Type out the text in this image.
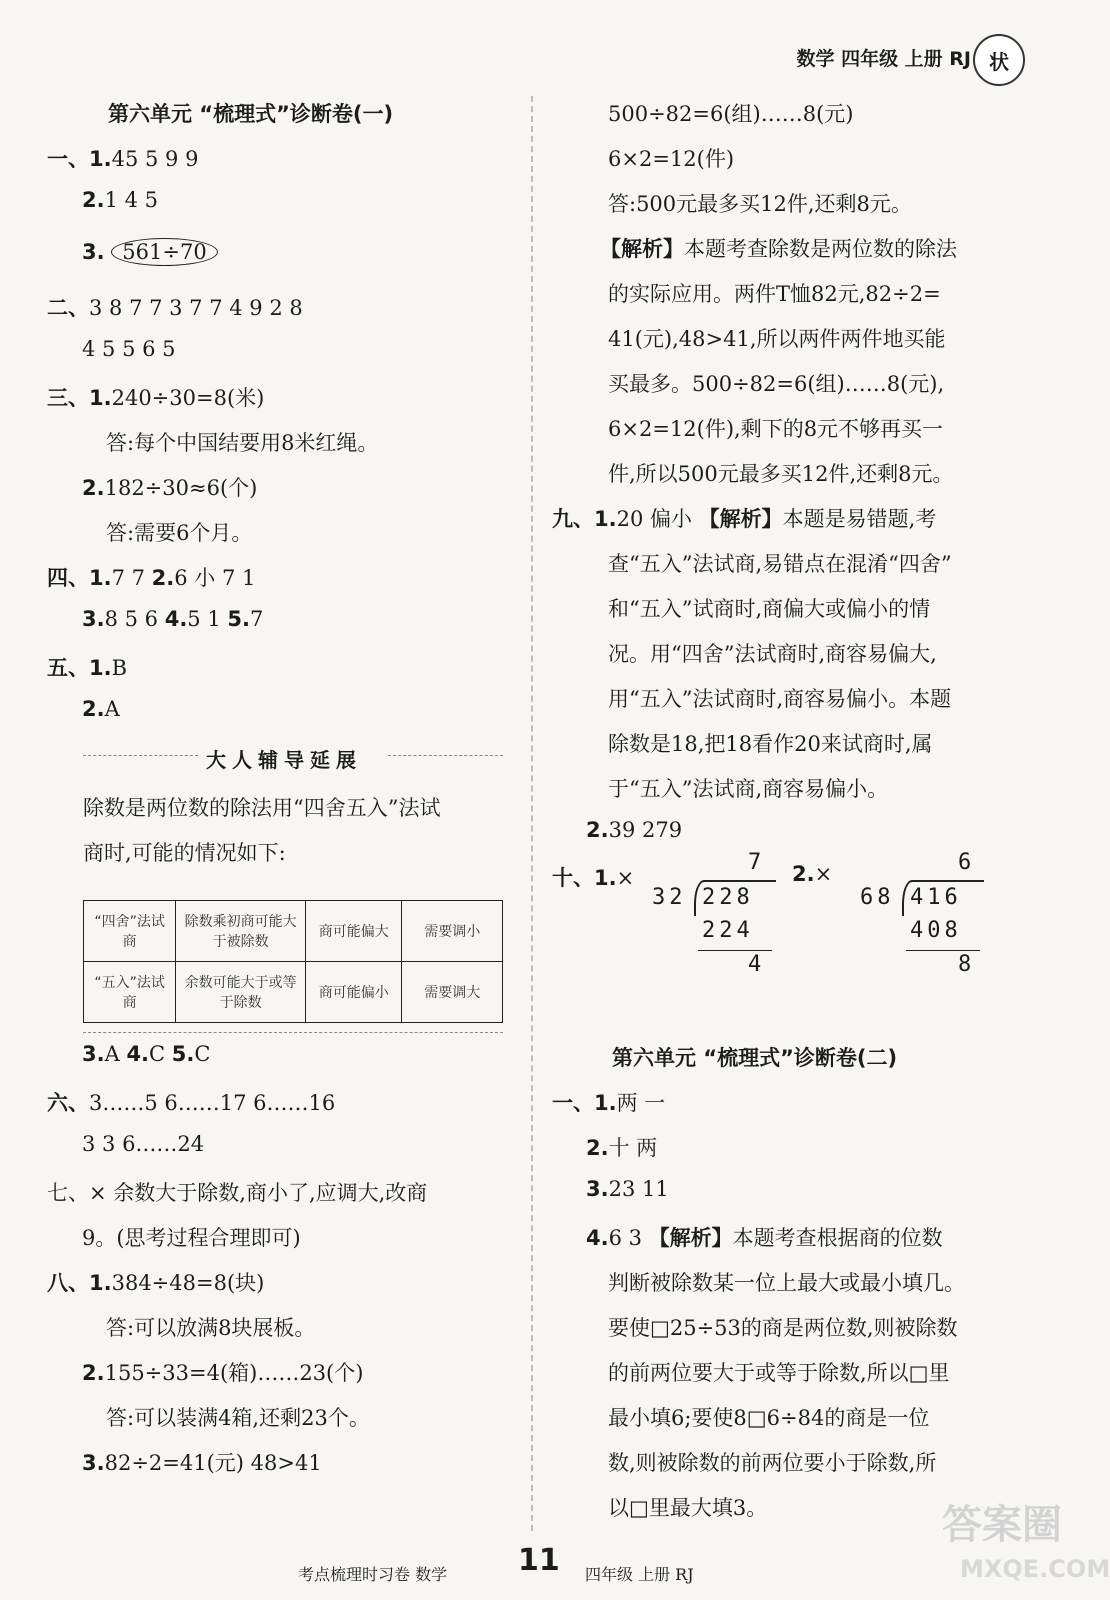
数学 四年级 上册 RJ 状
第六单元 “梳理式”诊断卷(一)
一、1.45 5 9 9
2.1 4 5
3. 561÷70
二、3 8 7 7 3 7 7 4 9 2 8
4 5 5 6 5
三、1.240÷30=8(米)
答:每个中国结要用8米红绳。
2.182÷30≈6(个)
答:需要6个月。
四、1.7 7 2.6 小 7 1
3.8 5 6 4.5 1 5.7
五、1.B
2.A
大人辅导延展
除数是两位数的除法用“四舍五入”法试
商时,可能的情况如下:
“四舍”法试商	除数乘初商可能大于被除数	商可能偏大	需要调小
“五入”法试商	余数可能大于或等于除数	商可能偏小	需要调大
3.A 4.C 5.C
六、3……5 6……17 6……16
3 3 6……24
七、× 余数大于除数,商小了,应调大,改商
9。(思考过程合理即可)
八、1.384÷48=8(块)
答:可以放满8块展板。
2.155÷33=4(箱)……23(个)
答:可以装满4箱,还剩23个。
3.82÷2=41(元) 48>41
500÷82=6(组)……8(元)
6×2=12(件)
答:500元最多买12件,还剩8元。
【解析】本题考查除数是两位数的除法
的实际应用。两件T恤82元,82÷2=
41(元),48>41,所以两件两件地买能
买最多。500÷82=6(组)……8(元),
6×2=12(件),剩下的8元不够再买一
件,所以500元最多买12件,还剩8元。
九、1.20 偏小 【解析】本题是易错题,考
查“五入”法试商,易错点在混淆“四舍”
和“五入”试商时,商偏大或偏小的情
况。用“四舍”法试商时,商容易偏大,
用“五入”法试商时,商容易偏小。本题
除数是18,把18看作20来试商时,属
于“五入”法试商,商容易偏小。
2.39 279
十、1.×	2.×
7
32 228
224
4
6
68 416
408
8
第六单元 “梳理式”诊断卷(二)
一、1.两 一
2.十 两
3.23 11
4.6 3 【解析】本题考查根据商的位数
判断被除数某一位上最大或最小填几。
要使□25÷53的商是两位数,则被除数
的前两位要大于或等于除数,所以□里
最小填6;要使8□6÷84的商是一位
数,则被除数的前两位要小于除数,所
以□里最大填3。
考点梳理时习卷 数学 11 四年级 上册 RJ
答案圈
MXQE.COM
